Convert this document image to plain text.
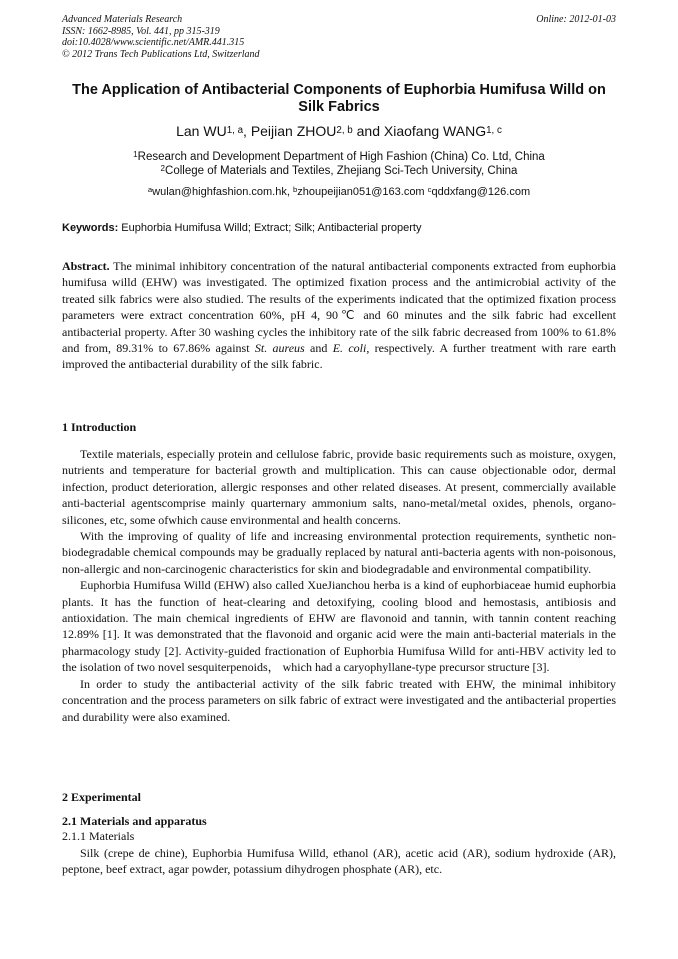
Advanced Materials Research
ISSN: 1662-8985, Vol. 441, pp 315-319
doi:10.4028/www.scientific.net/AMR.441.315
© 2012 Trans Tech Publications Ltd, Switzerland
Online: 2012-01-03
The Application of Antibacterial Components of Euphorbia Humifusa Willd on Silk Fabrics
Lan WU$^{1, a}$, Peijian ZHOU$^{2, b}$ and Xiaofang WANG$^{1, c}$
$^1$Research and Development Department of High Fashion (China) Co. Ltd, China
$^2$College of Materials and Textiles, Zhejiang Sci-Tech University, China
$^a$wulan@highfashion.com.hk, $^b$zhoupeijian051@163.com $^c$qddxfang@126.com
Keywords: Euphorbia Humifusa Willd; Extract; Silk; Antibacterial property
Abstract. The minimal inhibitory concentration of the natural antibacterial components extracted from euphorbia humifusa willd (EHW) was investigated. The optimized fixation process and the antimicrobial activity of the treated silk fabrics were also studied. The results of the experiments indicated that the optimized fixation process parameters were extract concentration 60%, pH 4, 90℃ and 60 minutes and the silk fabric had excellent antibacterial property. After 30 washing cycles the inhibitory rate of the silk fabric decreased from 100% to 61.8% and from, 89.31% to 67.86% against St. aureus and E. coli, respectively. A further treatment with rare earth improved the antibacterial durability of the silk fabric.
1 Introduction

Textile materials, especially protein and cellulose fabric, provide basic requirements such as moisture, oxygen, nutrients and temperature for bacterial growth and multiplication. This can cause objectionable odor, dermal infection, product deterioration, allergic responses and other related diseases. At present, commercially available anti-bacterial agentscomprise mainly quarternary ammonium salts, nano-metal/metal oxides, phenols, organo-silicones, etc, some ofwhich cause environmental and health concerns.

With the improving of quality of life and increasing environmental protection requirements, synthetic non-biodegradable chemical compounds may be gradually replaced by natural anti-bacteria agents with non-poisonous, non-allergic and non-carcinogenic characteristics for skin and biodegradable and environmental compatibility.

Euphorbia Humifusa Willd (EHW) also called XueJianchou herba is a kind of euphorbiaceae humid euphorbia plants. It has the function of heat-clearing and detoxifying, cooling blood and hemostasis, antibiosis and antioxidation. The main chemical ingredients of EHW are flavonoid and tannin, with tannin content reaching 12.89% [1]. It was demonstrated that the flavonoid and organic acid were the main anti-bacterial materials in the pharmacology study [2]. Activity-guided fractionation of Euphorbia Humifusa Willd for anti-HBV activity led to the isolation of two novel sesquiterpenoids， which had a caryophyllane-type precursor structure [3].

In order to study the antibacterial activity of the silk fabric treated with EHW, the minimal inhibitory concentration and the process parameters on silk fabric of extract were investigated and the antibacterial properties and durability were also examined.

2 Experimental
2.1 Materials and apparatus
2.1.1 Materials

Silk (crepe de chine), Euphorbia Humifusa Willd, ethanol (AR), acetic acid (AR), sodium hydroxide (AR), peptone, beef extract, agar powder, potassium dihydrogen phosphate (AR), etc.
